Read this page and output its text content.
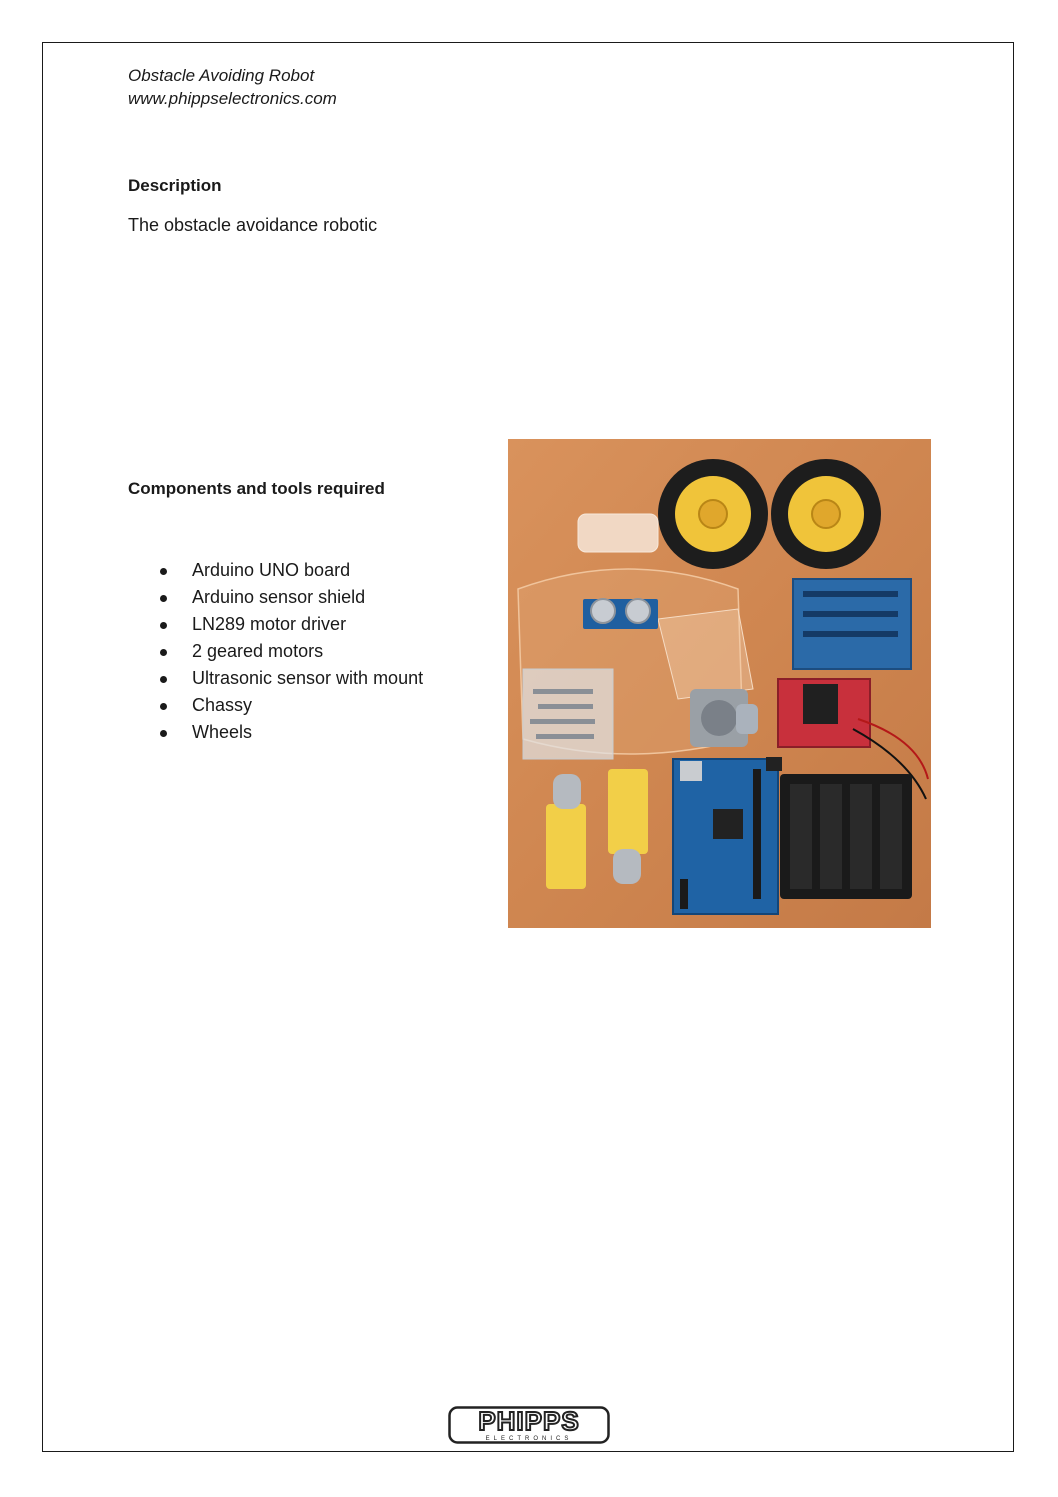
Obstacle Avoiding Robot
www.phippselectronics.com
Description
The obstacle avoidance robotic
Components and tools required
Arduino UNO board
Arduino sensor shield
LN289 motor driver
2 geared motors
Ultrasonic sensor with mount
Chassy
Wheels
PHIPPS
ELECTRONICS
